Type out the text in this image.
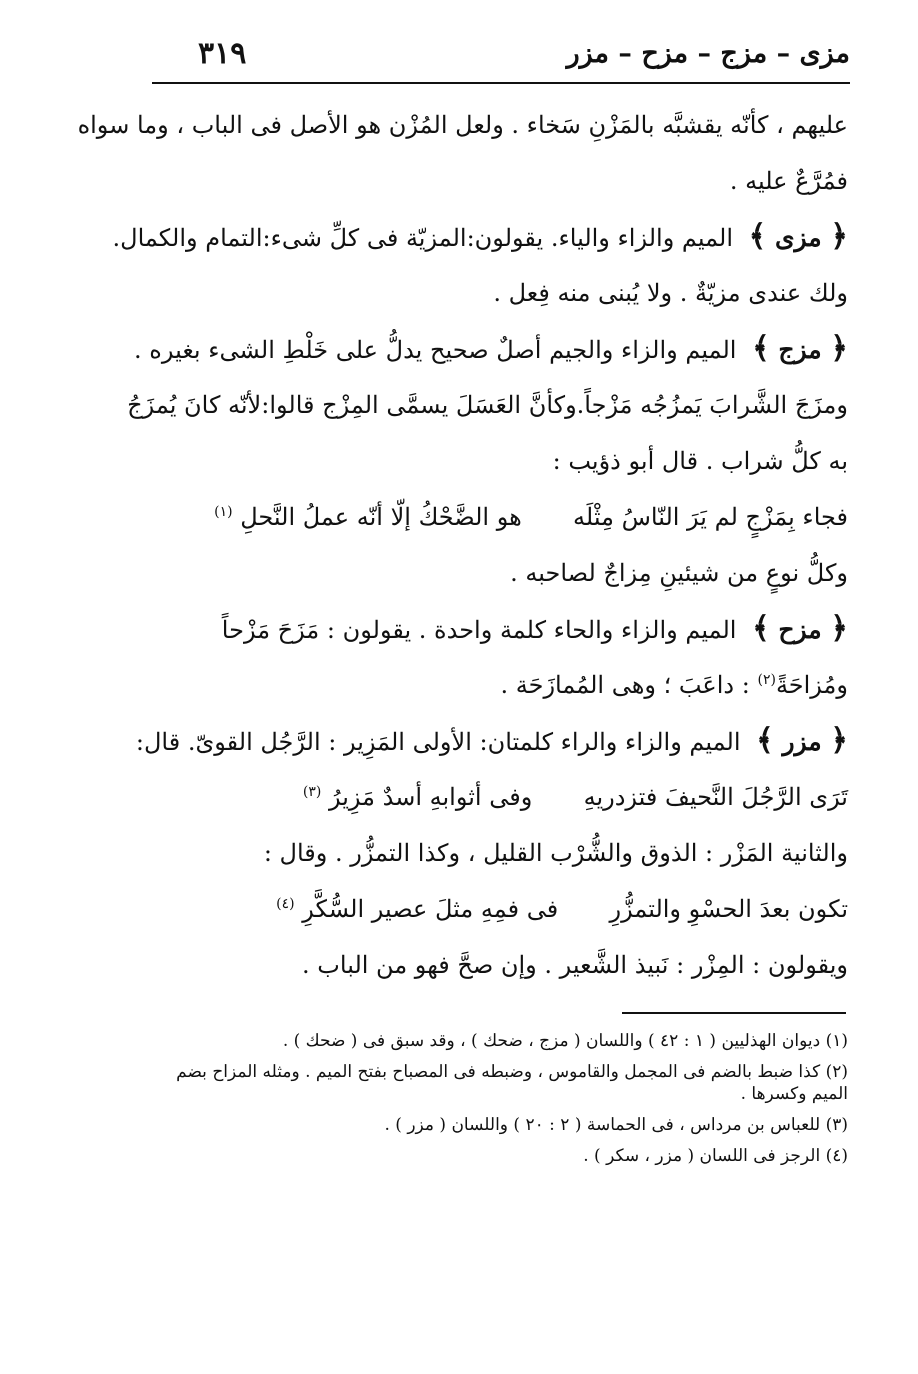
مزى – مزج – مزح – مزر
٣١٩
عليهم ، كأنّه يقشبَّه بالمَزْنِ سَخاء . ولعل المُزْن هو الأصل فى الباب ، وما سواه
فمُرَّعٌ عليه .
﴿ مزى ﴾ الميم والزاء والياء. يقولون:المزيّة فى كلِّ شىء:التمام والكمال.
ولك عندى مزيّةٌ . ولا يُبنى منه فِعل .
﴿ مزج ﴾ الميم والزاء والجيم أصلٌ صحيح يدلُّ على خَلْطِ الشىء بغيره .
ومزَجَ الشَّرابَ يَمزُجُه مَزْجاً.وكأنَّ العَسَلَ يسمَّى المِزْج قالوا:لأنّه كانَ يُمزَجُ
به كلُّ شراب . قال أبو ذؤيب :
فجاء بِمَزْجٍ لم يَرَ النّاسُ مِثْلَه  هو الضَّحْكُ إلّا أنّه عملُ النَّحلِ $^{(١)}$
وكلُّ نوعٍ من شيئينِ مِزاجٌ لصاحبه .
﴿ مزح ﴾ الميم والزاء والحاء كلمة واحدة . يقولون : مَزَحَ مَزْحاً
ومُزاحَةً$^{(٢)}$ : داعَبَ ؛ وهى المُمازَحَة .
﴿ مزر ﴾ الميم والزاء والراء كلمتان: الأولى المَزِير : الرَّجُل القوىّ. قال:
تَرَى الرَّجُلَ النَّحيفَ فتزدريهِ  وفى أثوابهِ أسدٌ مَزِيرُ $^{(٣)}$
والثانية المَزْر : الذوق والشُّرْب القليل ، وكذا التمزُّر . وقال :
تكون بعدَ الحسْوِ والتمزُّرِ  فى فمِهِ مثلَ عصير السُّكَّرِ $^{(٤)}$
ويقولون : المِزْر : نَبيذ الشَّعير . وإن صحَّ فهو من الباب .
(١) ديوان الهذليين ( ١ : ٤٢ ) واللسان ( مزج ، ضحك ) ، وقد سبق فى ( ضحك ) .
(٢) كذا ضبط بالضم فى المجمل والقاموس ، وضبطه فى المصباح بفتح الميم . ومثله المزاح بضم
الميم وكسرها .
(٣) للعباس بن مرداس ، فى الحماسة ( ٢ : ٢٠ ) واللسان ( مزر ) .
(٤) الرجز فى اللسان ( مزر ، سكر ) .
